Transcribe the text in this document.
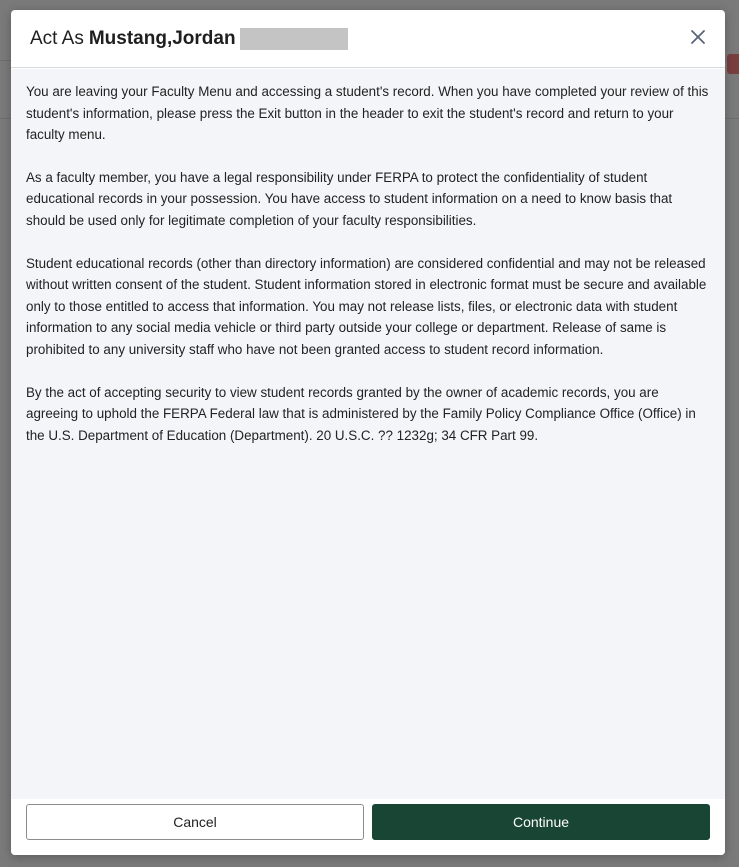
Act As Mustang,Jordan

You are leaving your Faculty Menu and accessing a student's record. When you have completed your review of this student's information, please press the Exit button in the header to exit the student's record and return to your faculty menu.

As a faculty member, you have a legal responsibility under FERPA to protect the confidentiality of student educational records in your possession. You have access to student information on a need to know basis that should be used only for legitimate completion of your faculty responsibilities.

Student educational records (other than directory information) are considered confidential and may not be released without written consent of the student. Student information stored in electronic format must be secure and available only to those entitled to access that information. You may not release lists, files, or electronic data with student information to any social media vehicle or third party outside your college or department. Release of same is prohibited to any university staff who have not been granted access to student record information.

By the act of accepting security to view student records granted by the owner of academic records, you are agreeing to uphold the FERPA Federal law that is administered by the Family Policy Compliance Office (Office) in the U.S. Department of Education (Department). 20 U.S.C. ?? 1232g; 34 CFR Part 99.

Cancel	Continue
